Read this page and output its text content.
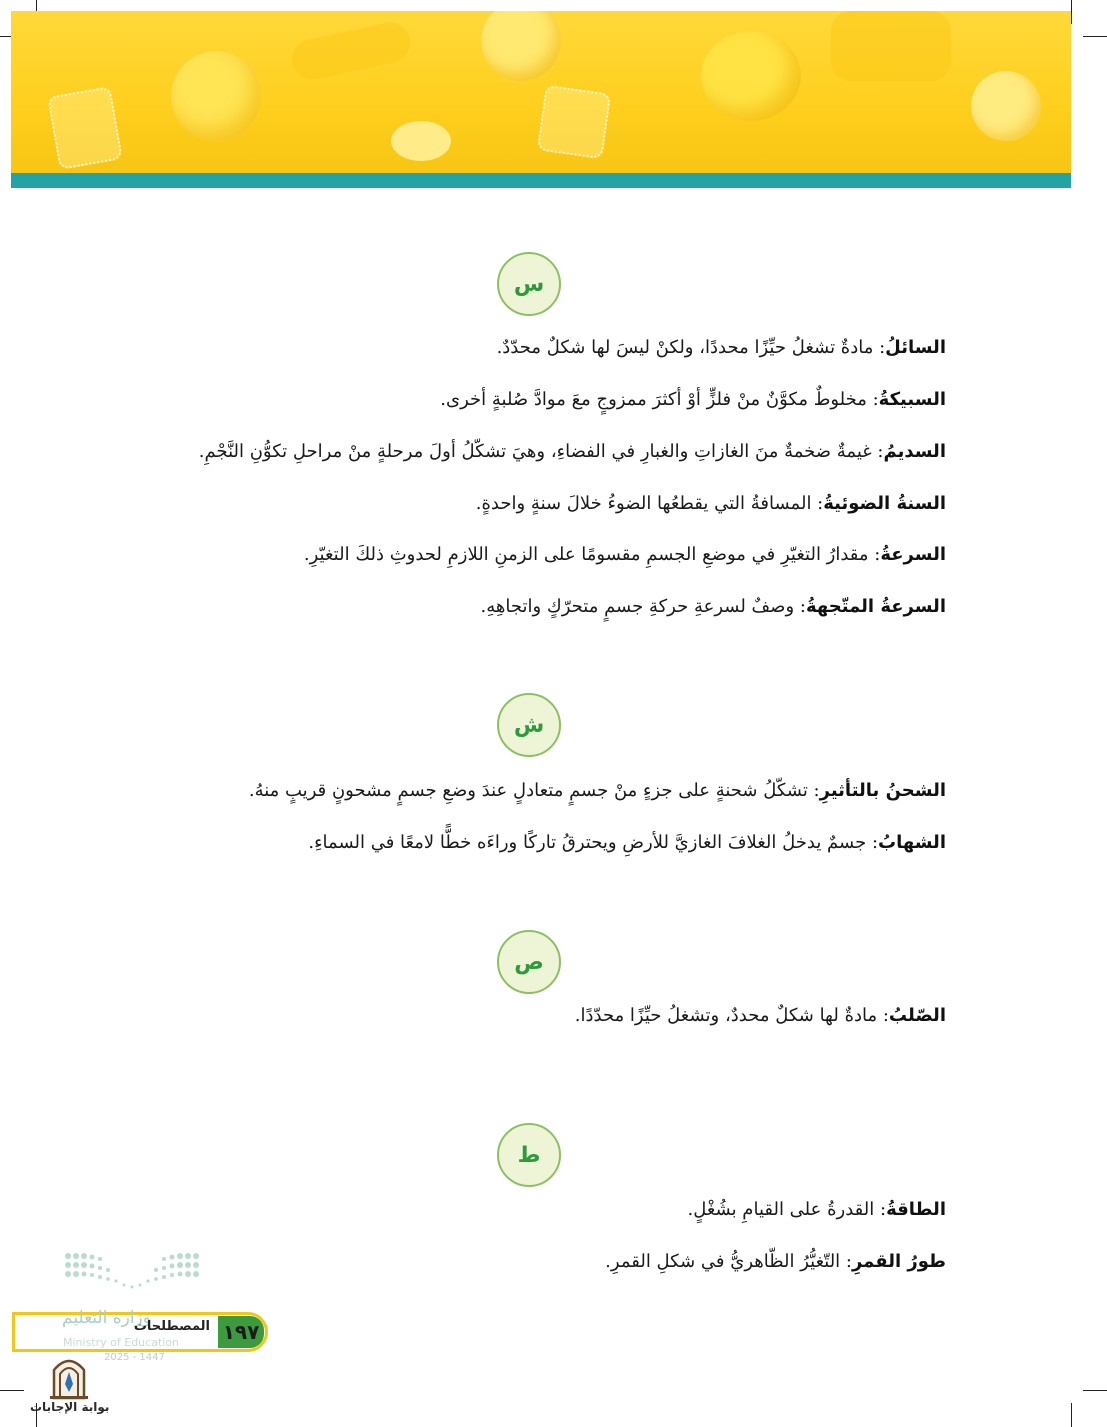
س
السائلُ: مادةٌ تشغلُ حيِّزًا محددًا، ولكنْ ليسَ لها شكلٌ محدّدٌ.
السبيكةُ: مخلوطٌ مكوَّنٌ منْ فلزٍّ أوْ أكثرَ ممزوجٍ معَ موادَّ صُلبةٍ أخرى.
السديمُ: غيمةٌ ضخمةٌ منَ الغازاتِ والغبارِ في الفضاءِ، وهيَ تشكّلُ أولَ مرحلةٍ منْ مراحلِ تكوُّنِ النَّجْمِ.
السنةُ الضوئيةُ: المسافةُ التي يقطعُها الضوءُ خلالَ سنةٍ واحدةٍ.
السرعةُ: مقدارُ التغيّرِ في موضعِ الجسمِ مقسومًا على الزمنِ اللازمِ لحدوثِ ذلكَ التغيّرِ.
السرعةُ المتّجهةُ: وصفٌ لسرعةِ حركةِ جسمٍ متحرّكٍ واتجاهِهِ.
ش
الشحنُ بالتأثيرِ: تشكّلُ شحنةٍ على جزءٍ منْ جسمٍ متعادلٍ عندَ وضعِ جسمٍ مشحونٍ قريبٍ منهُ.
الشهابُ: جسمٌ يدخلُ الغلافَ الغازيَّ للأرضِ ويحترقُ تاركًا وراءَه خطًّا لامعًا في السماءِ.
ص
الصّلبُ: مادةٌ لها شكلٌ محددٌ، وتشغلُ حيِّزًا محدّدًا.
ط
الطاقةُ: القدرةُ على القيامِ بشُغْلٍ.
طورُ القمرِ: التّغيُّرُ الظّاهريُّ في شكلِ القمرِ.
وزارة التعليم
Ministry of Education
2025 - 1447
المصطلحات ١٩٧
بوابة الإجابات
